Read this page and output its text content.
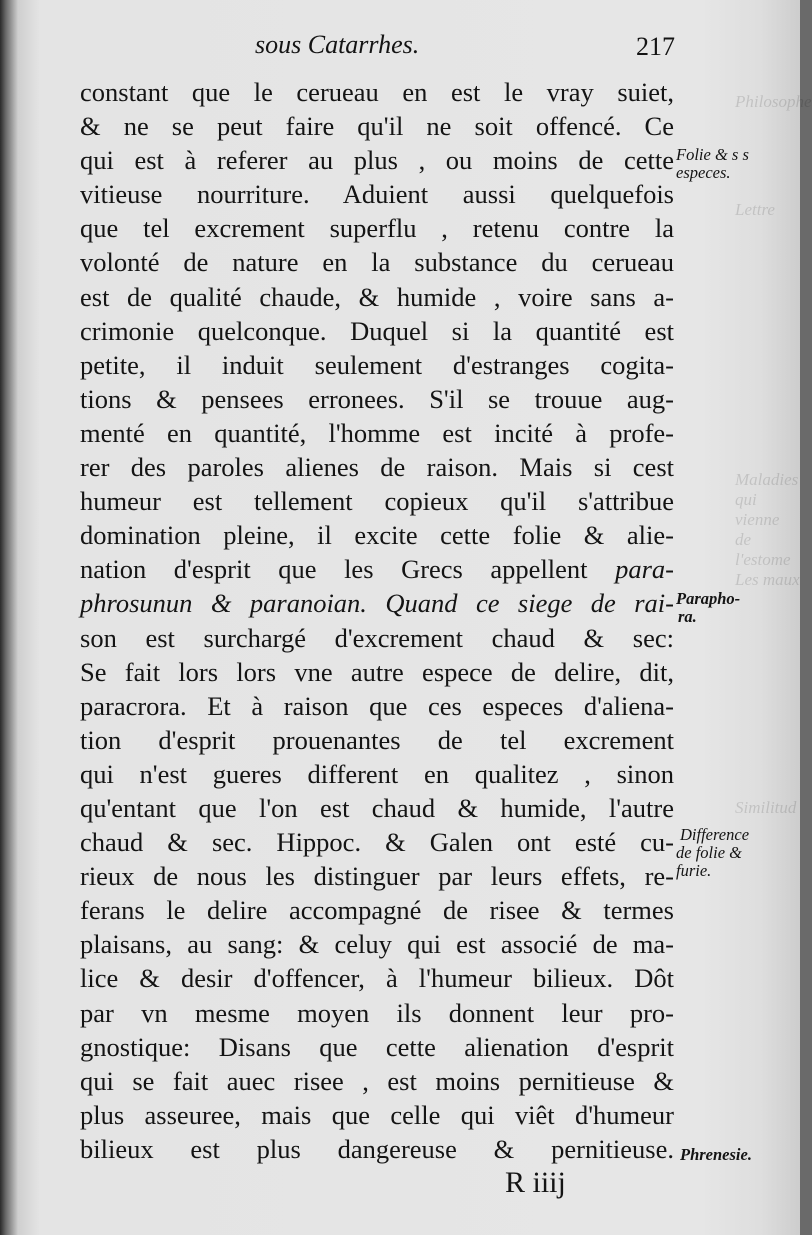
Philosophe
Lettre
Maladies
qui vienne
de l'estome
Les maux
Similitud
sous Catarrhes.	217
constant que le cerueau en est le vray suiet,
& ne se peut faire qu'il ne soit offencé. Ce
qui est à referer au plus , ou moins de cette
vitieuse nourriture. Aduient aussi quelquefois
que tel excrement superflu , retenu contre la
volonté de nature en la substance du cerueau
est de qualité chaude, & humide , voire sans a-
crimonie quelconque. Duquel si la quantité est
petite, il induit seulement d'estranges cogita-
tions & pensees erronees. S'il se trouue aug-
menté en quantité, l'homme est incité à profe-
rer des paroles alienes de raison. Mais si cest
humeur est tellement copieux qu'il s'attribue
domination pleine, il excite cette folie & alie-
nation d'esprit que les Grecs appellent para-
phrosunun & paranoian. Quand ce siege de rai-
son est surchargé d'excrement chaud & sec:
Se fait lors lors vne autre espece de delire, dit,
paracrora. Et à raison que ces especes d'aliena-
tion d'esprit prouenantes de tel excrement
qui n'est gueres different en qualitez , sinon
qu'entant que l'on est chaud & humide, l'autre
chaud & sec. Hippoc. & Galen ont esté cu-
rieux de nous les distinguer par leurs effets, re-
ferans le delire accompagné de risee & termes
plaisans, au sang: & celuy qui est associé de ma-
lice & desir d'offencer, à l'humeur bilieux. Dôt
par vn mesme moyen ils donnent leur pro-
gnostique: Disans que cette alienation d'esprit
qui se fait auec risee , est moins pernitieuse &
plus asseuree, mais que celle qui viêt d'humeur
bilieux est plus dangereuse & pernitieuse.
Folie & s s
especes.
Parapho-
ra.
Difference
de folie &
furie.
Phrenesie.
R iiij
